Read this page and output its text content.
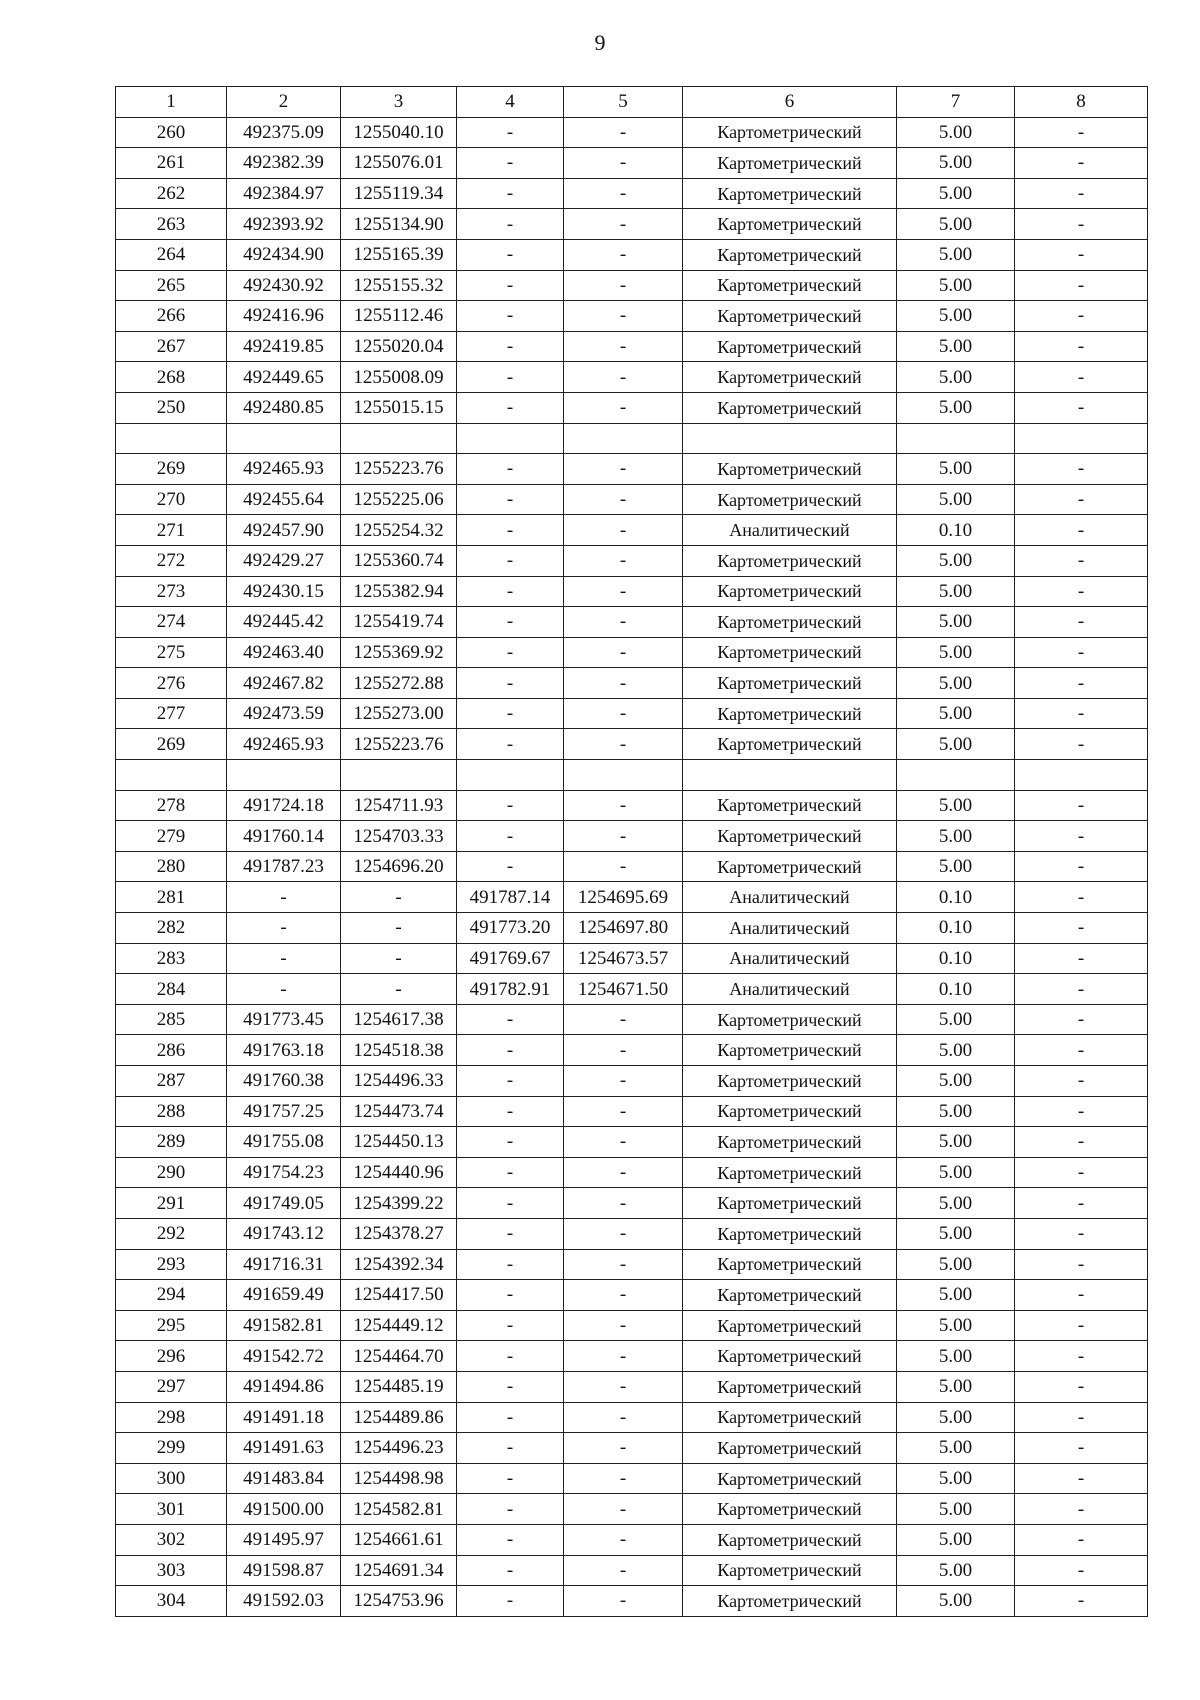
9
1	2	3	4	5	6	7	8
260	492375.09	1255040.10	-	-	Картометрический	5.00	-
261	492382.39	1255076.01	-	-	Картометрический	5.00	-
262	492384.97	1255119.34	-	-	Картометрический	5.00	-
263	492393.92	1255134.90	-	-	Картометрический	5.00	-
264	492434.90	1255165.39	-	-	Картометрический	5.00	-
265	492430.92	1255155.32	-	-	Картометрический	5.00	-
266	492416.96	1255112.46	-	-	Картометрический	5.00	-
267	492419.85	1255020.04	-	-	Картометрический	5.00	-
268	492449.65	1255008.09	-	-	Картометрический	5.00	-
250	492480.85	1255015.15	-	-	Картометрический	5.00	-

269	492465.93	1255223.76	-	-	Картометрический	5.00	-
270	492455.64	1255225.06	-	-	Картометрический	5.00	-
271	492457.90	1255254.32	-	-	Аналитический	0.10	-
272	492429.27	1255360.74	-	-	Картометрический	5.00	-
273	492430.15	1255382.94	-	-	Картометрический	5.00	-
274	492445.42	1255419.74	-	-	Картометрический	5.00	-
275	492463.40	1255369.92	-	-	Картометрический	5.00	-
276	492467.82	1255272.88	-	-	Картометрический	5.00	-
277	492473.59	1255273.00	-	-	Картометрический	5.00	-
269	492465.93	1255223.76	-	-	Картометрический	5.00	-

278	491724.18	1254711.93	-	-	Картометрический	5.00	-
279	491760.14	1254703.33	-	-	Картометрический	5.00	-
280	491787.23	1254696.20	-	-	Картометрический	5.00	-
281	-	-	491787.14	1254695.69	Аналитический	0.10	-
282	-	-	491773.20	1254697.80	Аналитический	0.10	-
283	-	-	491769.67	1254673.57	Аналитический	0.10	-
284	-	-	491782.91	1254671.50	Аналитический	0.10	-
285	491773.45	1254617.38	-	-	Картометрический	5.00	-
286	491763.18	1254518.38	-	-	Картометрический	5.00	-
287	491760.38	1254496.33	-	-	Картометрический	5.00	-
288	491757.25	1254473.74	-	-	Картометрический	5.00	-
289	491755.08	1254450.13	-	-	Картометрический	5.00	-
290	491754.23	1254440.96	-	-	Картометрический	5.00	-
291	491749.05	1254399.22	-	-	Картометрический	5.00	-
292	491743.12	1254378.27	-	-	Картометрический	5.00	-
293	491716.31	1254392.34	-	-	Картометрический	5.00	-
294	491659.49	1254417.50	-	-	Картометрический	5.00	-
295	491582.81	1254449.12	-	-	Картометрический	5.00	-
296	491542.72	1254464.70	-	-	Картометрический	5.00	-
297	491494.86	1254485.19	-	-	Картометрический	5.00	-
298	491491.18	1254489.86	-	-	Картометрический	5.00	-
299	491491.63	1254496.23	-	-	Картометрический	5.00	-
300	491483.84	1254498.98	-	-	Картометрический	5.00	-
301	491500.00	1254582.81	-	-	Картометрический	5.00	-
302	491495.97	1254661.61	-	-	Картометрический	5.00	-
303	491598.87	1254691.34	-	-	Картометрический	5.00	-
304	491592.03	1254753.96	-	-	Картометрический	5.00	-
